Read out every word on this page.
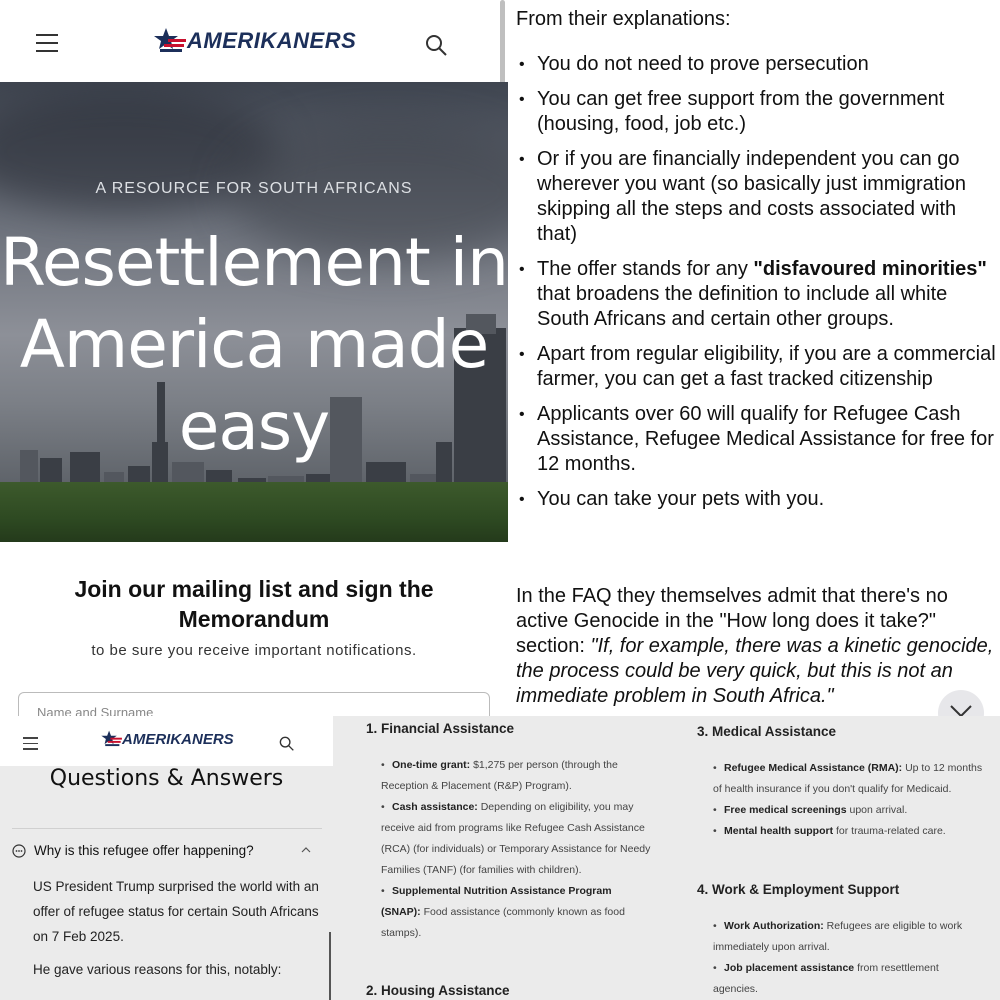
AMERIKANERS
A RESOURCE FOR SOUTH AFRICANS
Resettlement in America made easy
Join our mailing list and sign the Memorandum

to be sure you receive important notifications.

Name and Surname
From their explanations:
• You do not need to prove persecution
• You can get free support from the government (housing, food, job etc.)
• Or if you are financially independent you can go wherever you want (so basically just immigration skipping all the steps and costs associated with that)
• The offer stands for any "disfavoured minorities" that broadens the definition to include all white South Africans and certain other groups.
• Apart from regular eligibility, if you are a commercial farmer, you can get a fast tracked citizenship
• Applicants over 60 will qualify for Refugee Cash Assistance, Refugee Medical Assistance for free for 12 months.
• You can take your pets with you.
In the FAQ they themselves admit that there's no active Genocide in the "How long does it take?" section: "If, for example, there was a kinetic genocide, the process could be very quick, but this is not an immediate problem in South Africa."
AMERIKANERS
Questions & Answers
Why is this refugee offer happening?
US President Trump surprised the world with an offer of refugee status for certain South Africans on 7 Feb 2025.
He gave various reasons for this, notably:
1. Financial Assistance
• One-time grant: $1,275 per person (through the Reception & Placement (R&P) Program).
• Cash assistance: Depending on eligibility, you may receive aid from programs like Refugee Cash Assistance (RCA) (for individuals) or Temporary Assistance for Needy Families (TANF) (for families with children).
• Supplemental Nutrition Assistance Program (SNAP): Food assistance (commonly known as food stamps).
2. Housing Assistance
3. Medical Assistance
• Refugee Medical Assistance (RMA): Up to 12 months of health insurance if you don't qualify for Medicaid.
• Free medical screenings upon arrival.
• Mental health support for trauma-related care.
4. Work & Employment Support
• Work Authorization: Refugees are eligible to work immediately upon arrival.
• Job placement assistance from resettlement agencies.
